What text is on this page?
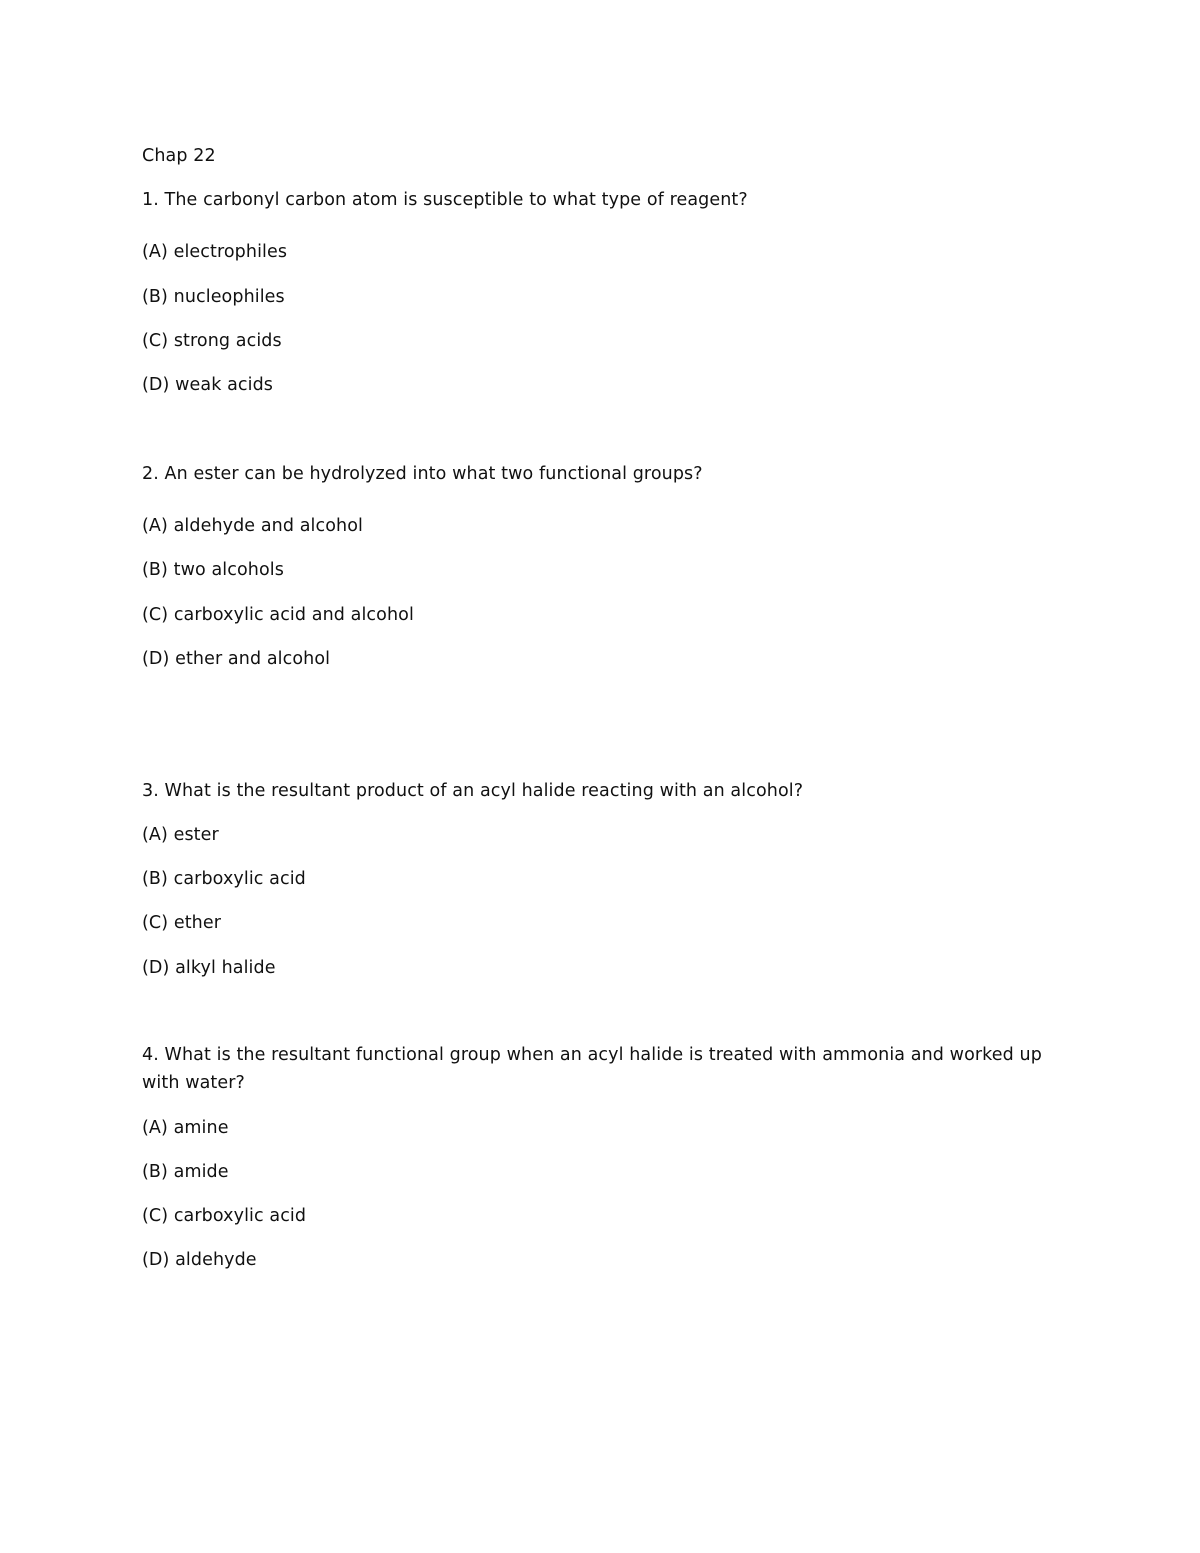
Chap 22
1. The carbonyl carbon atom is susceptible to what type of reagent?
(A) electrophiles
(B) nucleophiles
(C) strong acids
(D) weak acids
2. An ester can be hydrolyzed into what two functional groups?
(A) aldehyde and alcohol
(B) two alcohols
(C) carboxylic acid and alcohol
(D) ether and alcohol
3. What is the resultant product of an acyl halide reacting with an alcohol?
(A) ester
(B) carboxylic acid
(C) ether
(D) alkyl halide
4. What is the resultant functional group when an acyl halide is treated with ammonia and worked up with water?
(A) amine
(B) amide
(C) carboxylic acid
(D) aldehyde
